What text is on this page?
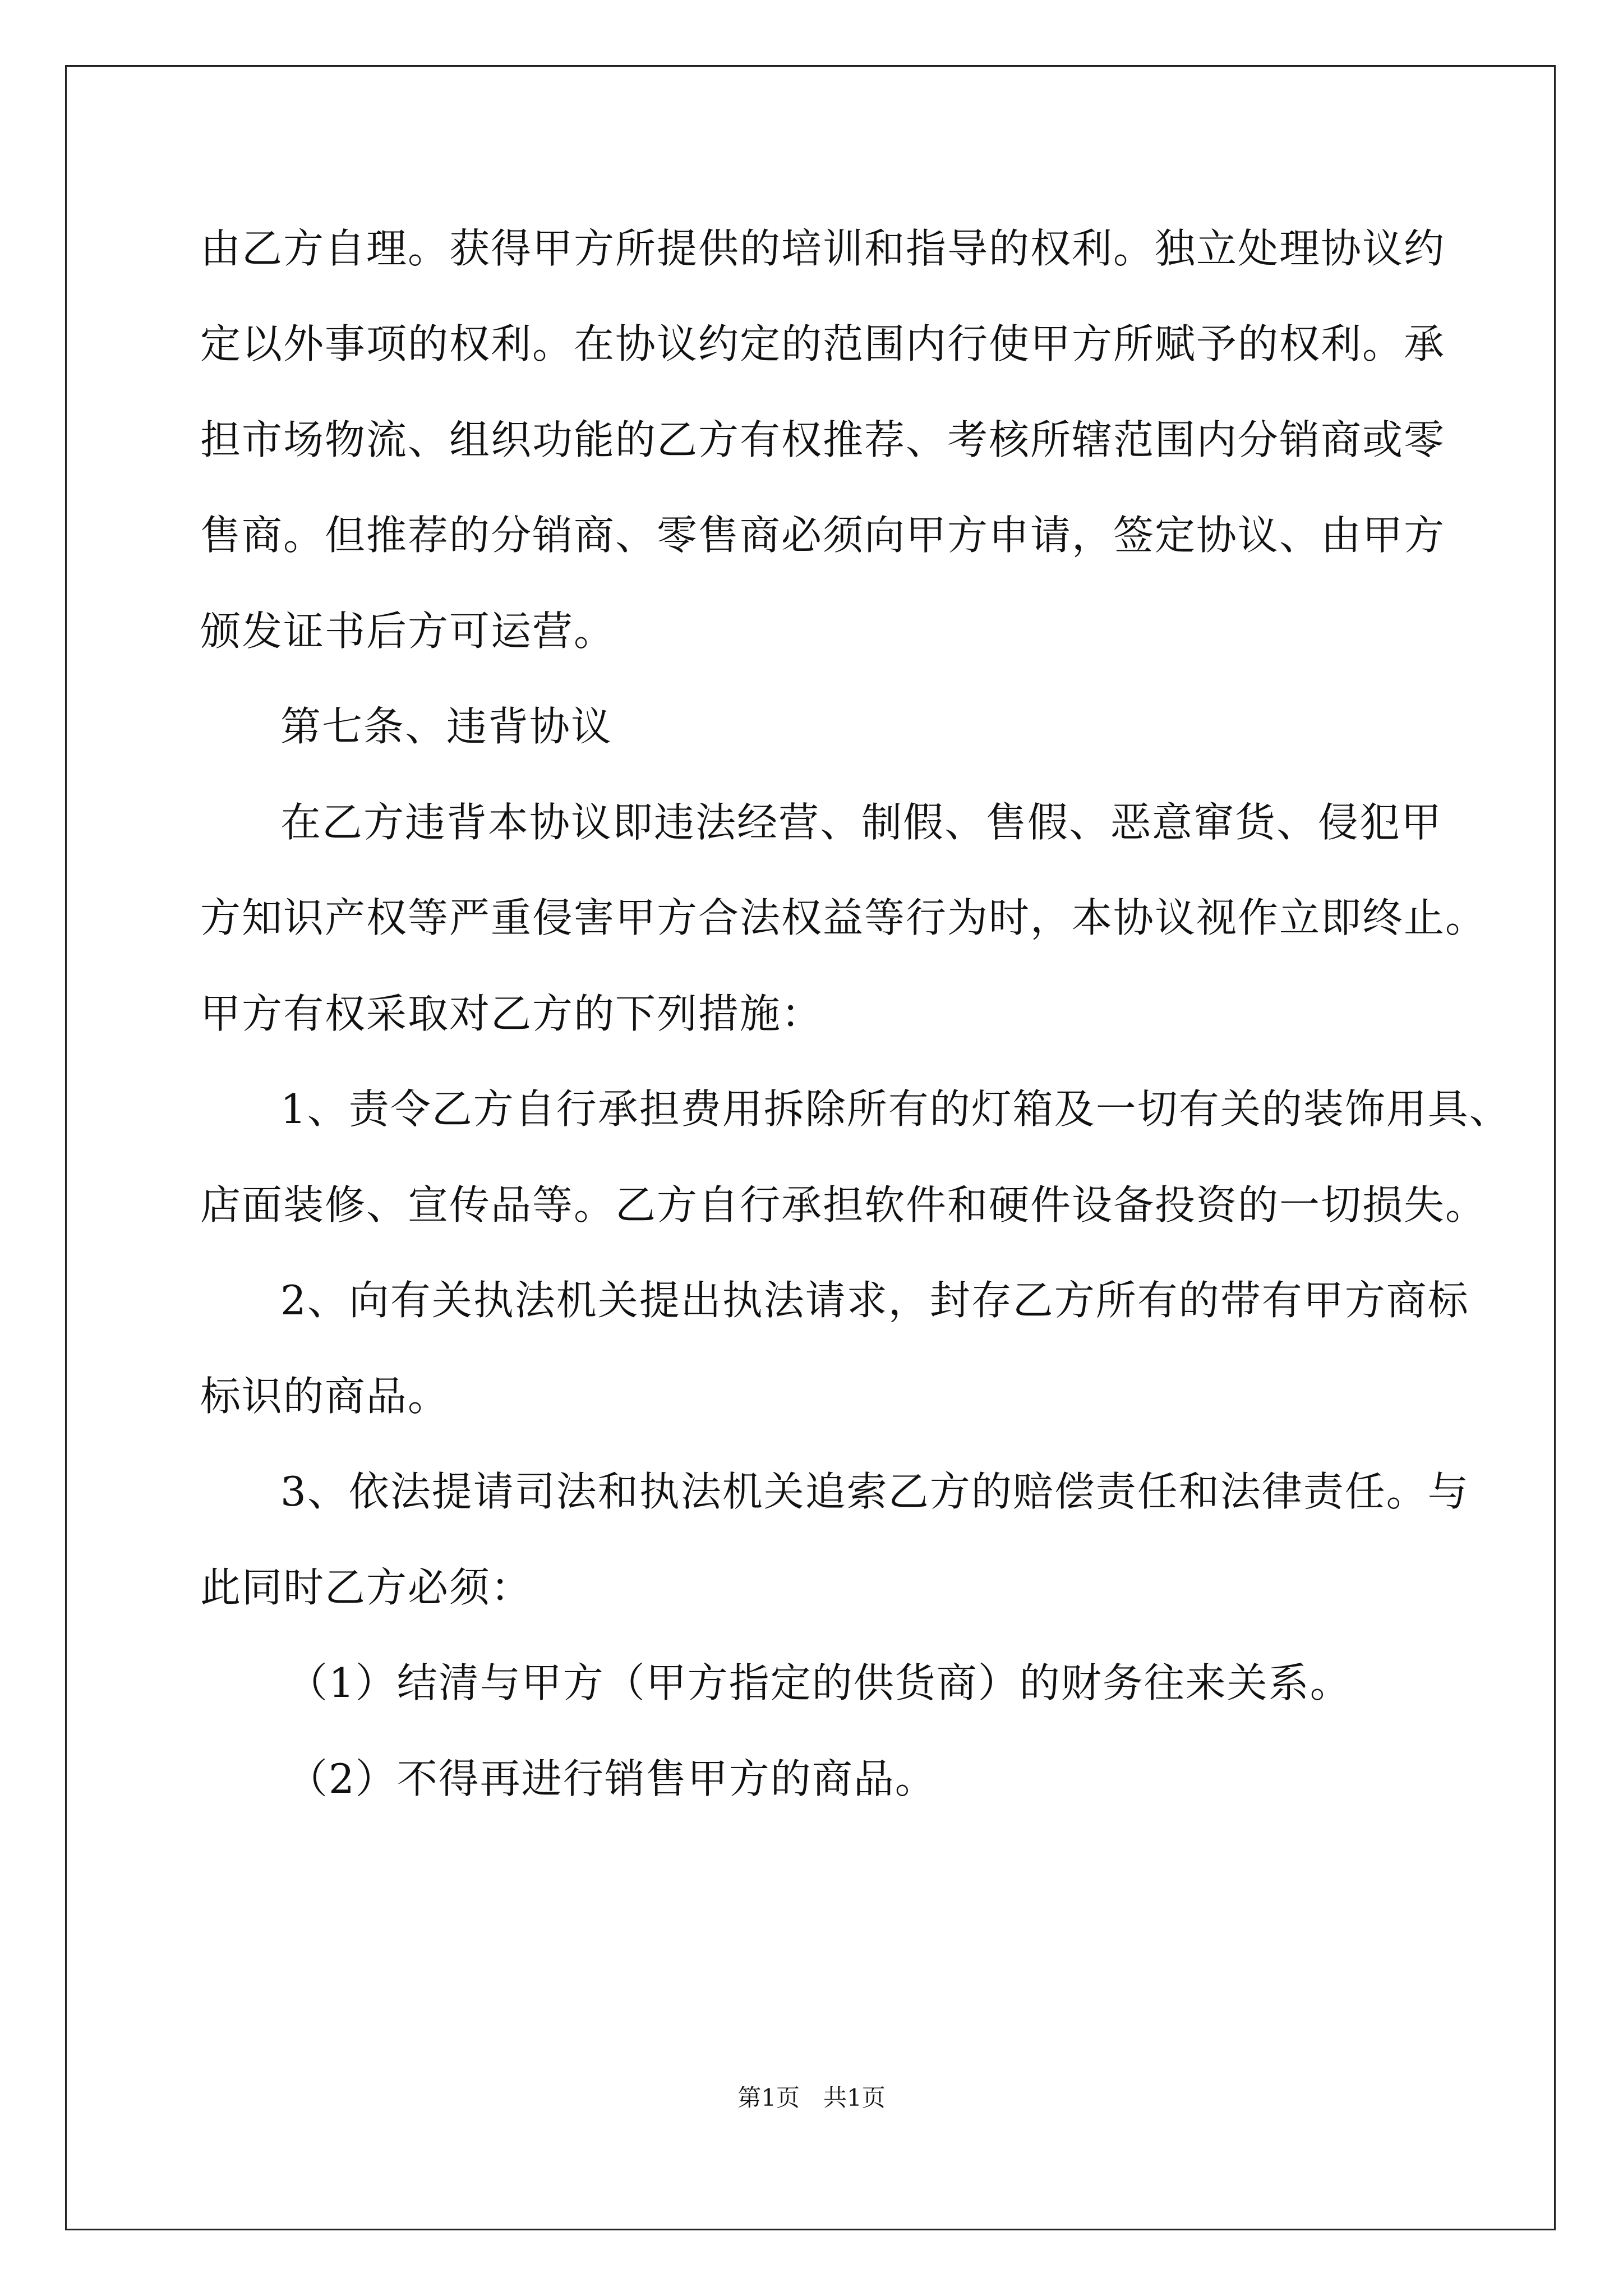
由乙方自理。获得甲方所提供的培训和指导的权利。独立处理协议约
定以外事项的权利。在协议约定的范围内行使甲方所赋予的权利。承
担市场物流、组织功能的乙方有权推荐、考核所辖范围内分销商或零
售商。但推荐的分销商、零售商必须向甲方申请，签定协议、由甲方
颁发证书后方可运营。
第七条、违背协议
在乙方违背本协议即违法经营、制假、售假、恶意窜货、侵犯甲
方知识产权等严重侵害甲方合法权益等行为时，本协议视作立即终止。
甲方有权采取对乙方的下列措施：
1、责令乙方自行承担费用拆除所有的灯箱及一切有关的装饰用具、
店面装修、宣传品等。乙方自行承担软件和硬件设备投资的一切损失。
2、向有关执法机关提出执法请求，封存乙方所有的带有甲方商标
标识的商品。
3、依法提请司法和执法机关追索乙方的赔偿责任和法律责任。与
此同时乙方必须：
（1）结清与甲方（甲方指定的供货商）的财务往来关系。
（2）不得再进行销售甲方的商品。
第1页　共1页
